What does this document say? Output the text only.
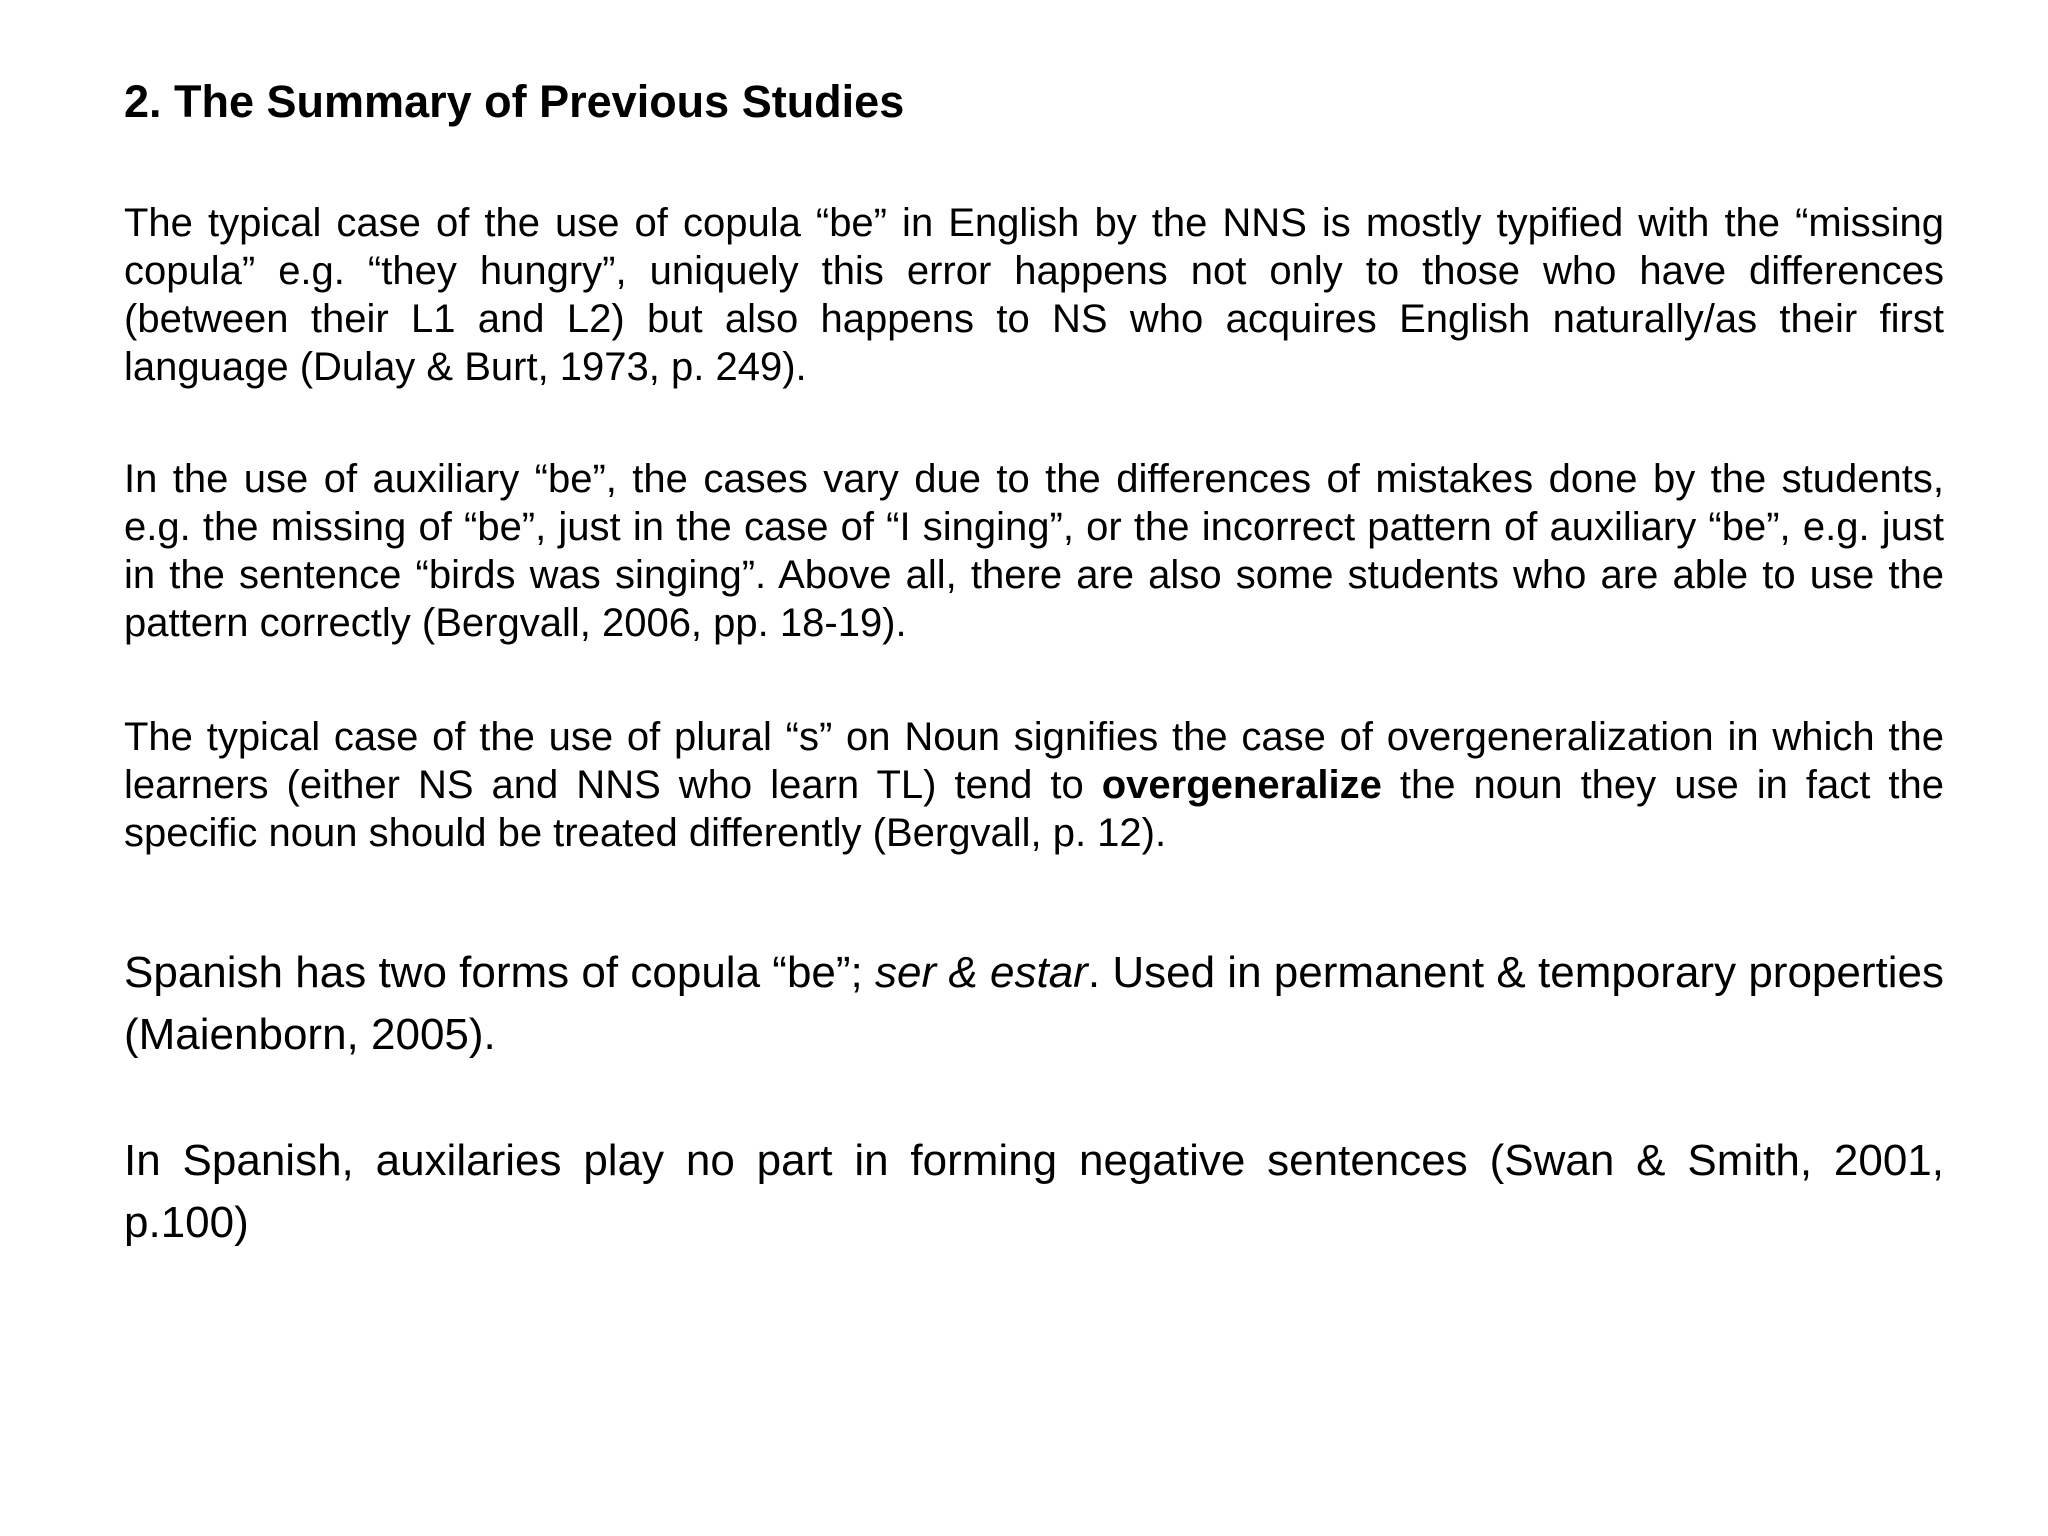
2. The Summary of Previous Studies

The typical case of the use of copula “be” in English by the NNS is mostly typified with the “missing copula” e.g. “they hungry”, uniquely this error happens not only to those who have differences (between their L1 and L2) but also happens to NS who acquires English naturally/as their first language (Dulay & Burt, 1973, p. 249).

In the use of auxiliary “be”, the cases vary due to the differences of mistakes done by the students, e.g. the missing of “be”, just in the case of “I singing”, or the incorrect pattern of auxiliary “be”, e.g. just in the sentence “birds was singing”. Above all, there are also some students who are able to use the pattern correctly (Bergvall, 2006, pp. 18-19).

The typical case of the use of plural “s” on Noun signifies the case of overgeneralization in which the learners (either NS and NNS who learn TL) tend to overgeneralize the noun they use in fact the specific noun should be treated differently (Bergvall, p. 12).

Spanish has two forms of copula “be”; ser & estar. Used in permanent & temporary properties (Maienborn, 2005).

In Spanish, auxilaries play no part in forming negative sentences (Swan & Smith, 2001, p.100)
